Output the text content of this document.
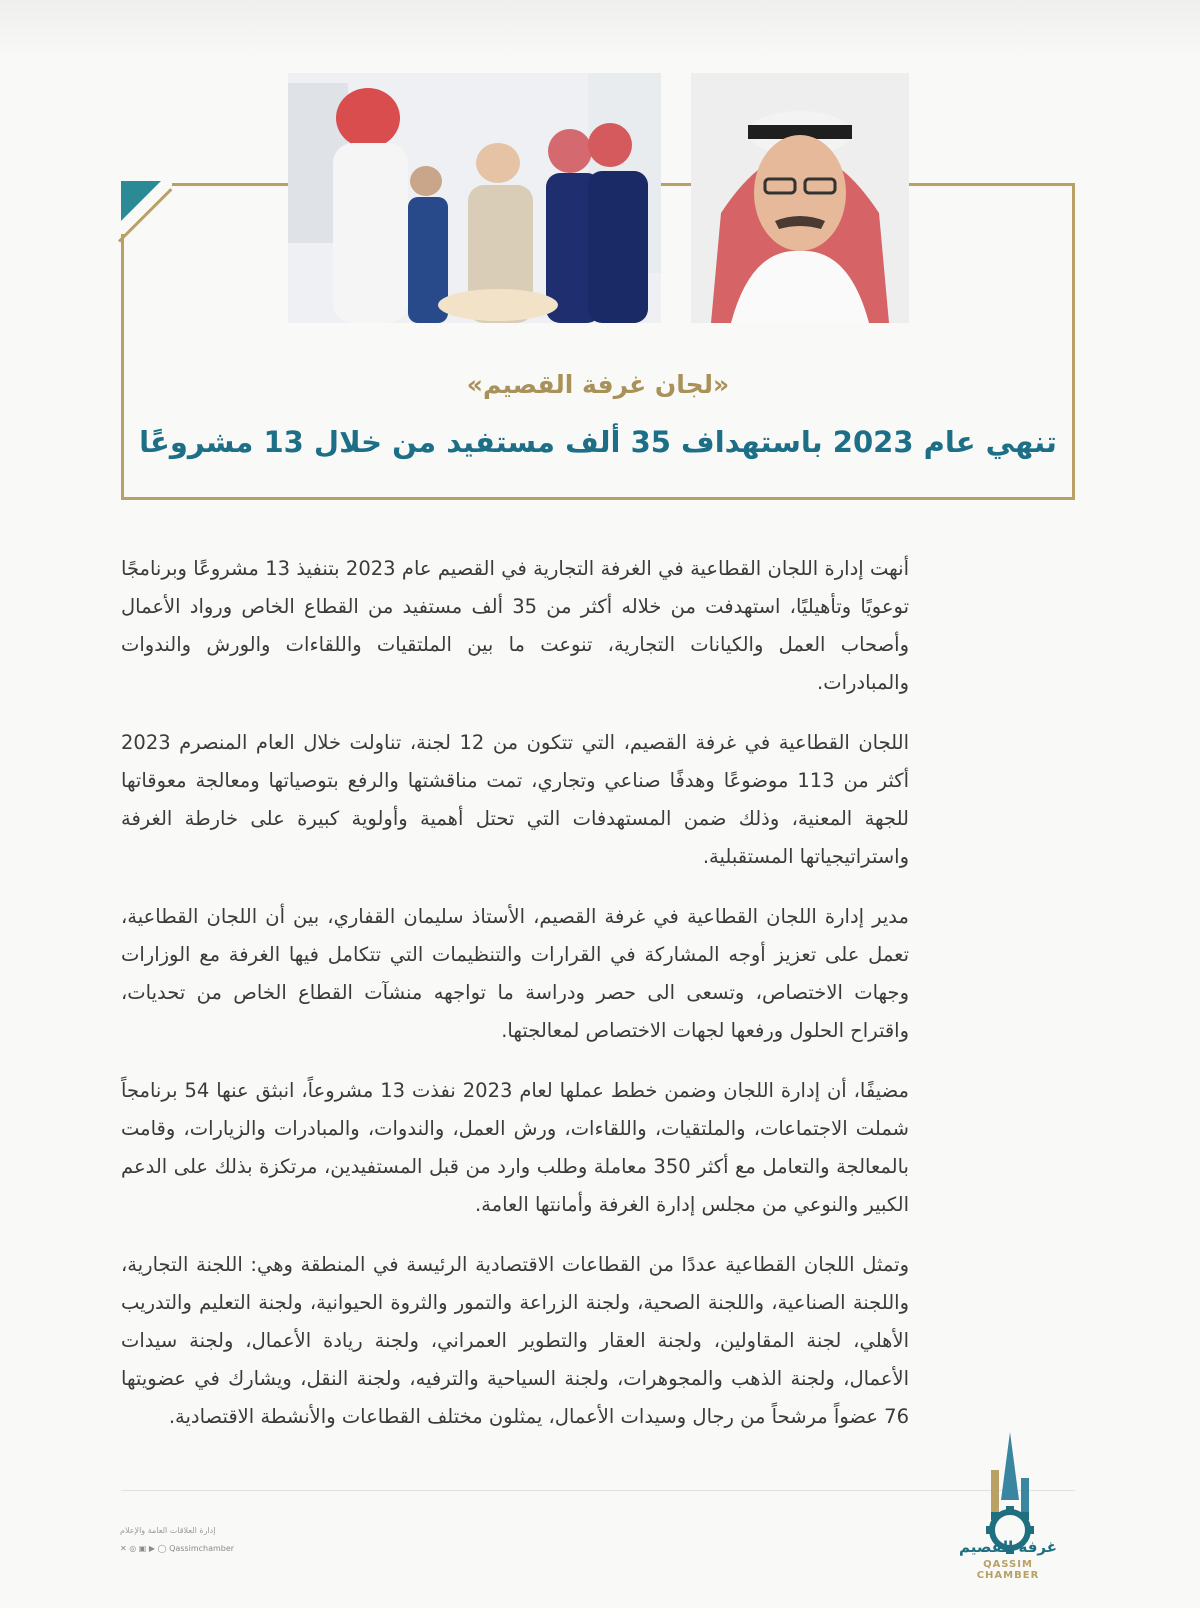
«لجان غرفة القصيم»
تنهي عام 2023 باستهداف 35 ألف مستفيد من خلال 13 مشروعًا

أنهت إدارة اللجان القطاعية في الغرفة التجارية في القصيم عام 2023 بتنفيذ 13 مشروعًا وبرنامجًا توعويًا وتأهيليًا، استهدفت من خلاله أكثر من 35 ألف مستفيد من القطاع الخاص ورواد الأعمال وأصحاب العمل والكيانات التجارية، تنوعت ما بين الملتقيات واللقاءات والورش والندوات والمبادرات.

اللجان القطاعية في غرفة القصيم، التي تتكون من 12 لجنة، تناولت خلال العام المنصرم 2023 أكثر من 113 موضوعًا وهدفًا صناعي وتجاري، تمت مناقشتها والرفع بتوصياتها ومعالجة معوقاتها للجهة المعنية، وذلك ضمن المستهدفات التي تحتل أهمية وأولوية كبيرة على خارطة الغرفة واستراتيجياتها المستقبلية.

مدير إدارة اللجان القطاعية في غرفة القصيم، الأستاذ سليمان القفاري، بين أن اللجان القطاعية، تعمل على تعزيز أوجه المشاركة في القرارات والتنظيمات التي تتكامل فيها الغرفة مع الوزارات وجهات الاختصاص، وتسعى الى حصر ودراسة ما تواجهه منشآت القطاع الخاص من تحديات، واقتراح الحلول ورفعها لجهات الاختصاص لمعالجتها.

مضيفًا، أن إدارة اللجان وضمن خطط عملها لعام 2023 نفذت 13 مشروعاً، انبثق عنها 54 برنامجاً شملت الاجتماعات، والملتقيات، واللقاءات، ورش العمل، والندوات، والمبادرات والزيارات، وقامت بالمعالجة والتعامل مع أكثر 350 معاملة وطلب وارد من قبل المستفيدين، مرتكزة بذلك على الدعم الكبير والنوعي من مجلس إدارة الغرفة وأمانتها العامة.

وتمثل اللجان القطاعية عددًا من القطاعات الاقتصادية الرئيسة في المنطقة وهي: اللجنة التجارية، واللجنة الصناعية، واللجنة الصحية، ولجنة الزراعة والتمور والثروة الحيوانية، ولجنة التعليم والتدريب الأهلي، لجنة المقاولين، ولجنة العقار والتطوير العمراني، ولجنة ريادة الأعمال، ولجنة سيدات الأعمال، ولجنة الذهب والمجوهرات، ولجنة السياحية والترفيه، ولجنة النقل، ويشارك في عضويتها 76 عضواً مرشحاً من رجال وسيدات الأعمال، يمثلون مختلف القطاعات والأنشطة الاقتصادية.

إدارة العلاقات العامة والإعلام
✕ ◎ ▣ ▶ ◯ Qassimchamber	غرفة القصيم
QASSIM CHAMBER
